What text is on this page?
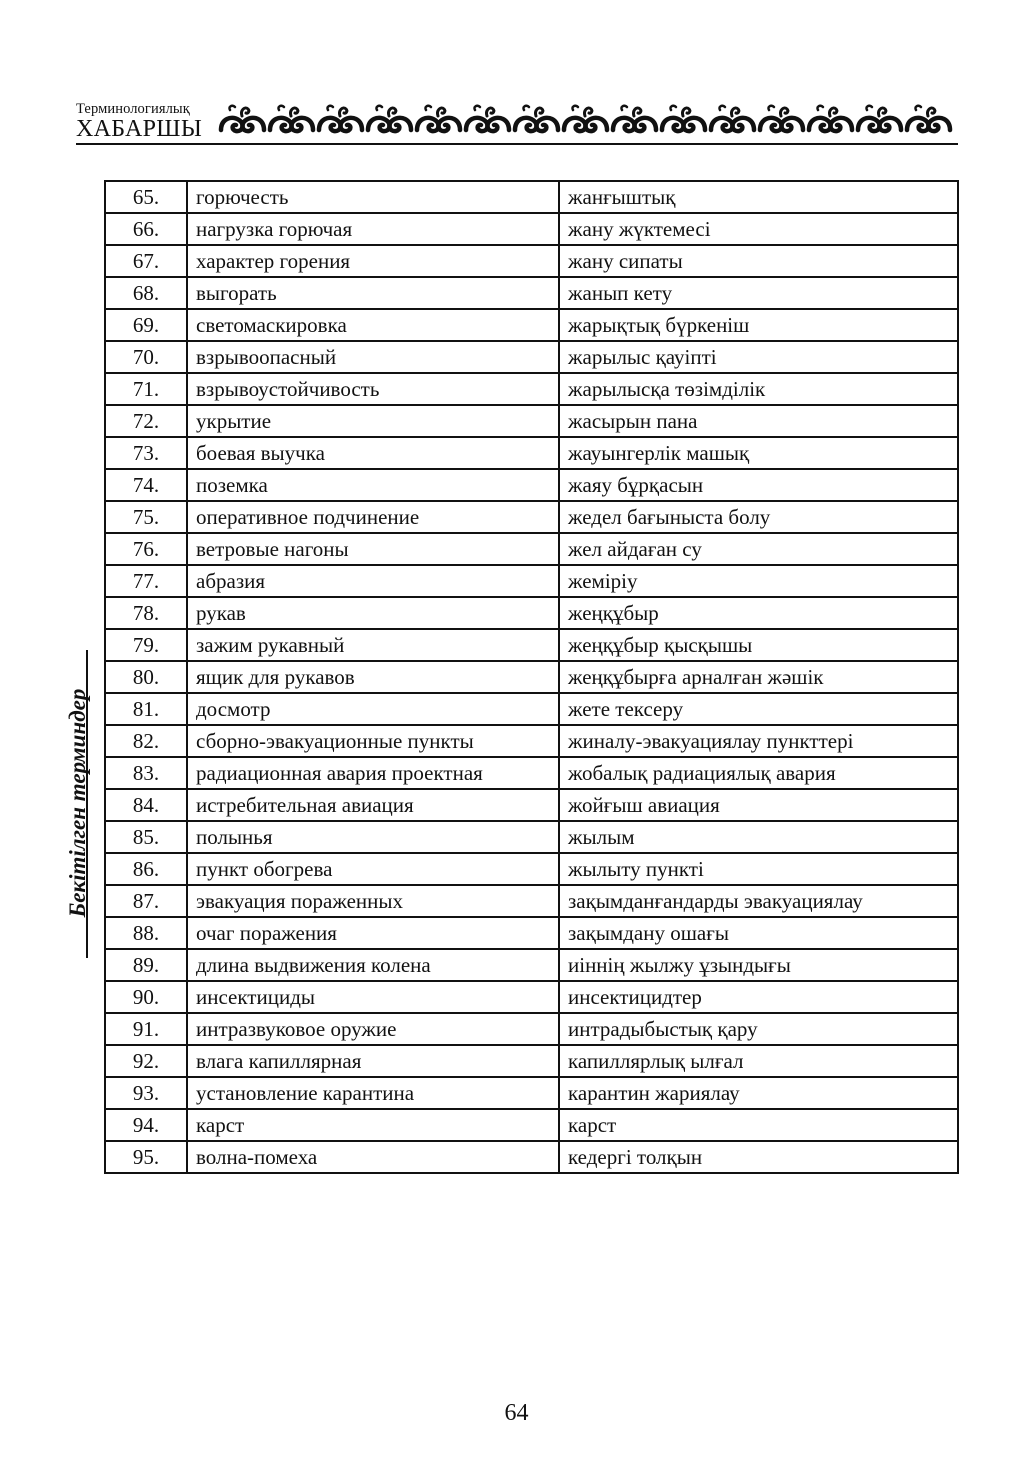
Терминологиялық
ХАБАРШЫ
Бекітілген терминдер
65.	горючесть	жанғыштық
66.	нагрузка горючая	жану жүктемесі
67.	характер горения	жану сипаты
68.	выгорать	жанып кету
69.	светомаскировка	жарықтық бүркеніш
70.	взрывоопасный	жарылыс қауіпті
71.	взрывоустойчивость	жарылысқа төзімділік
72.	укрытие	жасырын пана
73.	боевая выучка	жауынгерлік машық
74.	поземка	жаяу бұрқасын
75.	оперативное подчинение	жедел бағыныста болу
76.	ветровые нагоны	жел айдаған су
77.	абразия	жеміріу
78.	рукав	жеңқұбыр
79.	зажим рукавный	жеңқұбыр қысқышы
80.	ящик для рукавов	жеңқұбырға арналған жәшік
81.	досмотр	жете тексеру
82.	сборно-эвакуационные пункты	жиналу-эвакуациялау пункттері
83.	радиационная авария проектная	жобалық радиациялық авария
84.	истребительная авиация	жойғыш авиация
85.	полынья	жылым
86.	пункт обогрева	жылыту пункті
87.	эвакуация пораженных	зақымданғандарды эвакуациялау
88.	очаг поражения	зақымдану ошағы
89.	длина выдвижения колена	иіннің жылжу ұзындығы
90.	инсектициды	инсектицидтер
91.	интразвуковое оружие	интрадыбыстық қару
92.	влага капиллярная	капиллярлық ылғал
93.	установление карантина	карантин жариялау
94.	карст	карст
95.	волна-помеха	кедергі толқын
64
